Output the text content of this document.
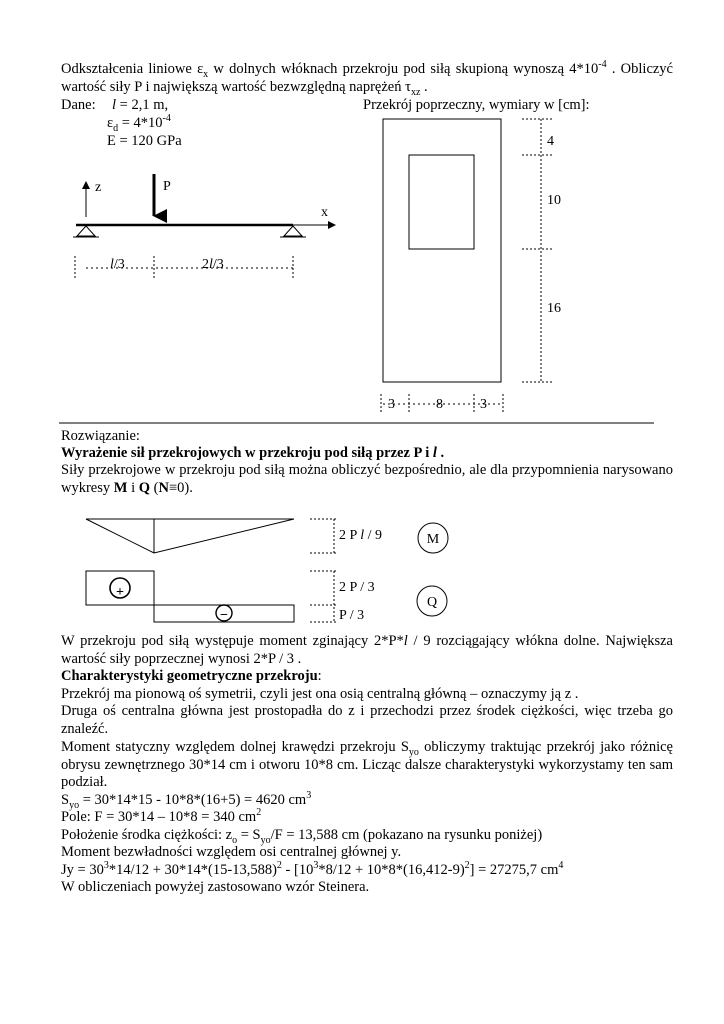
Odkształcenia liniowe $\varepsilon_x$ w dolnych włóknach przekroju pod siłą skupioną wynoszą $4*10^{-4}$ . Obliczyć wartość siły P i największą wartość bezwzględną naprężeń $\tau_{xz}$ .
Dane: l = 2,1 m,
$\varepsilon_d = 4*10^{-4}$
E = 120 GPa
Przekrój poprzeczny, wymiary w [cm]:
z	P
x
l/3	2l/3
4
10
16
3	8	3
2 P l / 9	M
+
−
2 P / 3
P / 3
Q
Rozwiązanie:
Wyrażenie sił przekrojowych w przekroju pod siłą przez P i l .
Siły przekrojowe w przekroju pod siłą można obliczyć bezpośrednio, ale dla przypomnienia narysowano wykresy M i Q (N≡0).
W przekroju pod siłą występuje moment zginający 2*P*l / 9 rozciągający włókna dolne. Największa wartość siły poprzecznej wynosi 2*P / 3 .
Charakterystyki geometryczne przekroju:
Przekrój ma pionową oś symetrii, czyli jest ona osią centralną główną – oznaczymy ją z .
Druga oś centralna główna jest prostopadła do z i przechodzi przez środek ciężkości, więc trzeba go znaleźć.
Moment statyczny względem dolnej krawędzi przekroju $S_{yo}$ obliczymy traktując przekrój jako różnicę obrysu zewnętrznego 30*14 cm i otworu 10*8 cm. Licząc dalsze charakterystyki wykorzystamy ten sam podział.
$S_{yo} = 30*14*15 - 10*8*(16+5) = 4620$ $cm^3$
Pole: F = 30*14 – 10*8 = 340 $cm^2$
Położenie środka ciężkości: $z_o = S_{yo}/F = 13,588$ cm (pokazano na rysunku poniżej)
Moment bezwładności względem osi centralnej głównej y.
$Jy = 30^3*14/12 + 30*14*(15-13,588)^2 - [10^3*8/12 + 10*8*(16,412-9)^2] = 27275,7$ $cm^4$
W obliczeniach powyżej zastosowano wzór Steinera.
